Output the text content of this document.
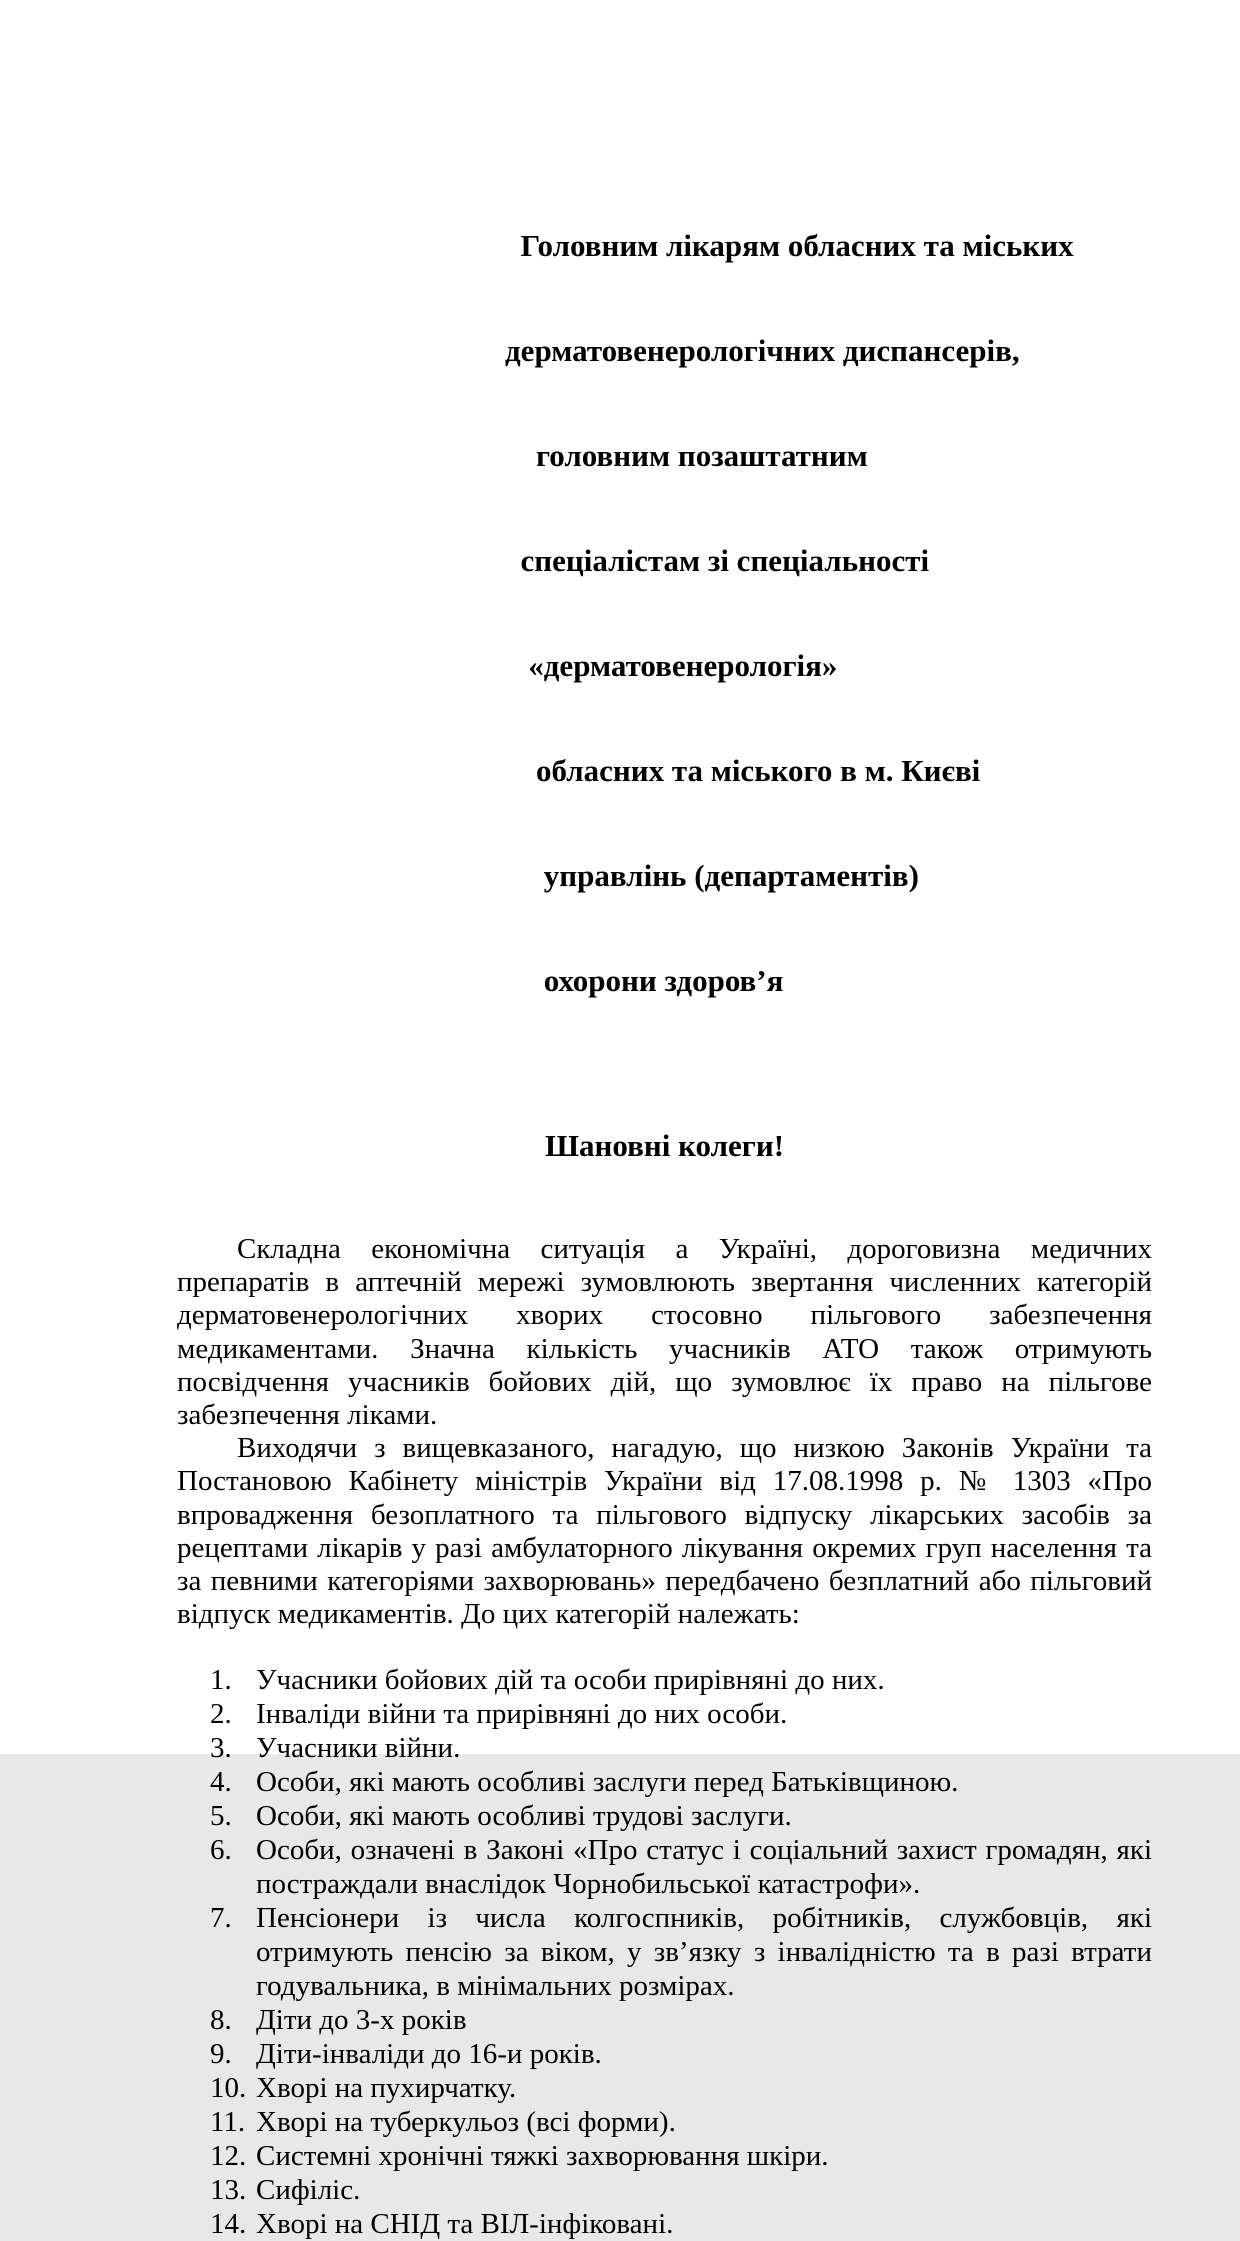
Головним лікарям обласних та міських

дерматовенерологічних диспансерів,

головним позаштатним

спеціалістам зі спеціальності

«дерматовенерологія»

обласних та міського в м. Києві

управлінь (департаментів)

охорони здоров’я

Шановні колеги!

Складна економічна ситуація а Україні, дороговизна медичних препаратів в аптечній мережі зумовлюють звертання численних категорій дерматовенерологічних хворих стосовно пільгового забезпечення медикаментами. Значна кількість учасників АТО також отримують посвідчення учасників бойових дій, що зумовлює їх право на пільгове забезпечення ліками.

Виходячи з вищевказаного, нагадую, що низкою Законів України та Постановою Кабінету міністрів України від 17.08.1998 р. № 1303 «Про впровадження безоплатного та пільгового відпуску лікарських засобів за рецептами лікарів у разі амбулаторного лікування окремих груп населення та за певними категоріями захворювань» передбачено безплатний або пільговий відпуск медикаментів. До цих категорій належать:

1. Учасники бойових дій та особи прирівняні до них.
2. Інваліди війни та прирівняні до них особи.
3. Учасники війни.
4. Особи, які мають особливі заслуги перед Батьківщиною.
5. Особи, які мають особливі трудові заслуги.
6. Особи, означені в Законі «Про статус і соціальний захист громадян, які постраждали внаслідок Чорнобильської катастрофи».
7. Пенсіонери із числа колгоспників, робітників, службовців, які отримують пенсію за віком, у зв’язку з інвалідністю та в разі втрати годувальника, в мінімальних розмірах.
8. Діти до 3-х років
9. Діти-інваліди до 16-и років.
10. Хворі на пухирчатку.
11. Хворі на туберкульоз (всі форми).
12. Системні хронічні тяжкі захворювання шкіри.
13. Сифіліс.
14. Хворі на СНІД та ВІЛ-інфіковані.
